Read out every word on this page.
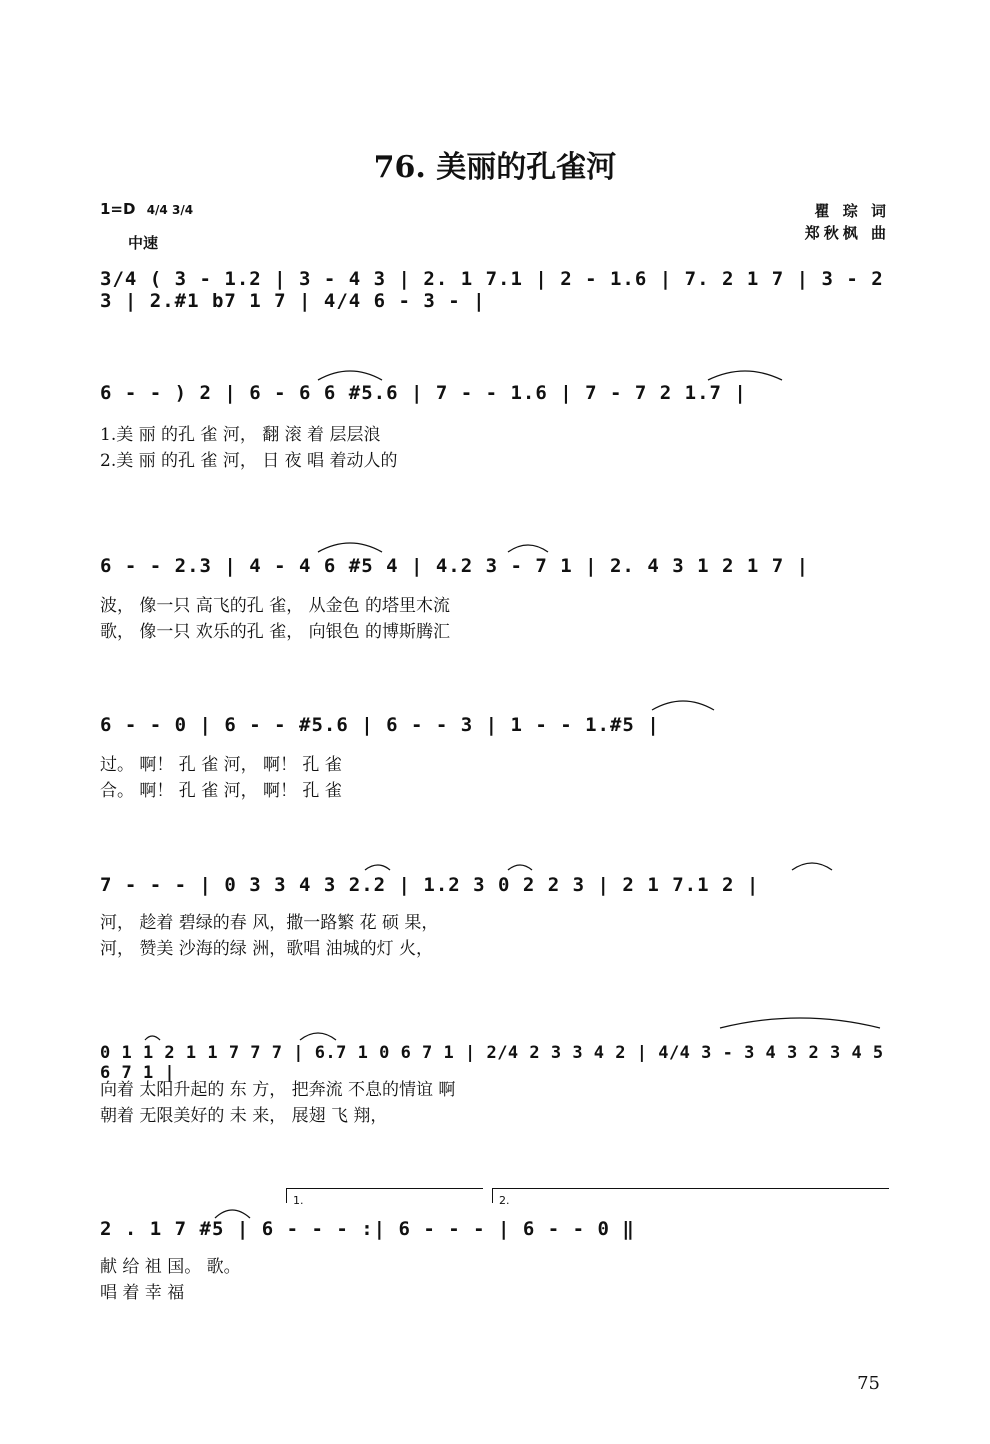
76. 美丽的孔雀河
1=D 4/4 3/4
中速
瞿 琮 词
郑秋枫 曲
3/4 ( 3 - 1.2 | 3 - 4 3 | 2. 1 7.1 | 2 - 1.6 | 7. 2 1 7 | 3 - 2 3 | 2.#1 b7 1 7 | 4/4 6 - 3 - |
6 - - ) 2 | 6 - 6 6 #5.6 | 7 - - 1.6 | 7 - 7 2 1.7 |
1.美 丽 的孔 雀 河， 翻 滚 着 层层浪
2.美 丽 的孔 雀 河， 日 夜 唱 着动人的
6 - - 2.3 | 4 - 4 6 #5 4 | 4.2 3 - 7 1 | 2. 4 3 1 2 1 7 |
波， 像一只 高飞的孔 雀， 从金色 的塔里木流
歌， 像一只 欢乐的孔 雀， 向银色 的博斯腾汇
6 - - 0 | 6 - - #5.6 | 6 - - 3 | 1 - - 1.#5 |
过。 啊！ 孔 雀 河， 啊！ 孔 雀
合。 啊！ 孔 雀 河， 啊！ 孔 雀
7 - - - | 0 3 3 4 3 2.2 | 1.2 3 0 2 2 3 | 2 1 7.1 2 |
河， 趁着 碧绿的春 风，撒一路繁 花 硕 果，
河， 赞美 沙海的绿 洲，歌唱 油城的灯 火，
0 1 1 2 1 1 7 7 7 | 6.7 1 0 6 7 1 | 2/4 2 3 3 4 2 | 4/4 3 - 3 4 3 2 3 4 5 6 7 1 |
向着 太阳升起的 东 方， 把奔流 不息的情谊 啊
朝着 无限美好的 未 来， 展翅 飞 翔，
2 . 1 7 #5 | 6 - - - :| 6 - - - | 6 - - 0 ‖
献 给 祖 国。 歌。
唱 着 幸 福
1.	2.
75
